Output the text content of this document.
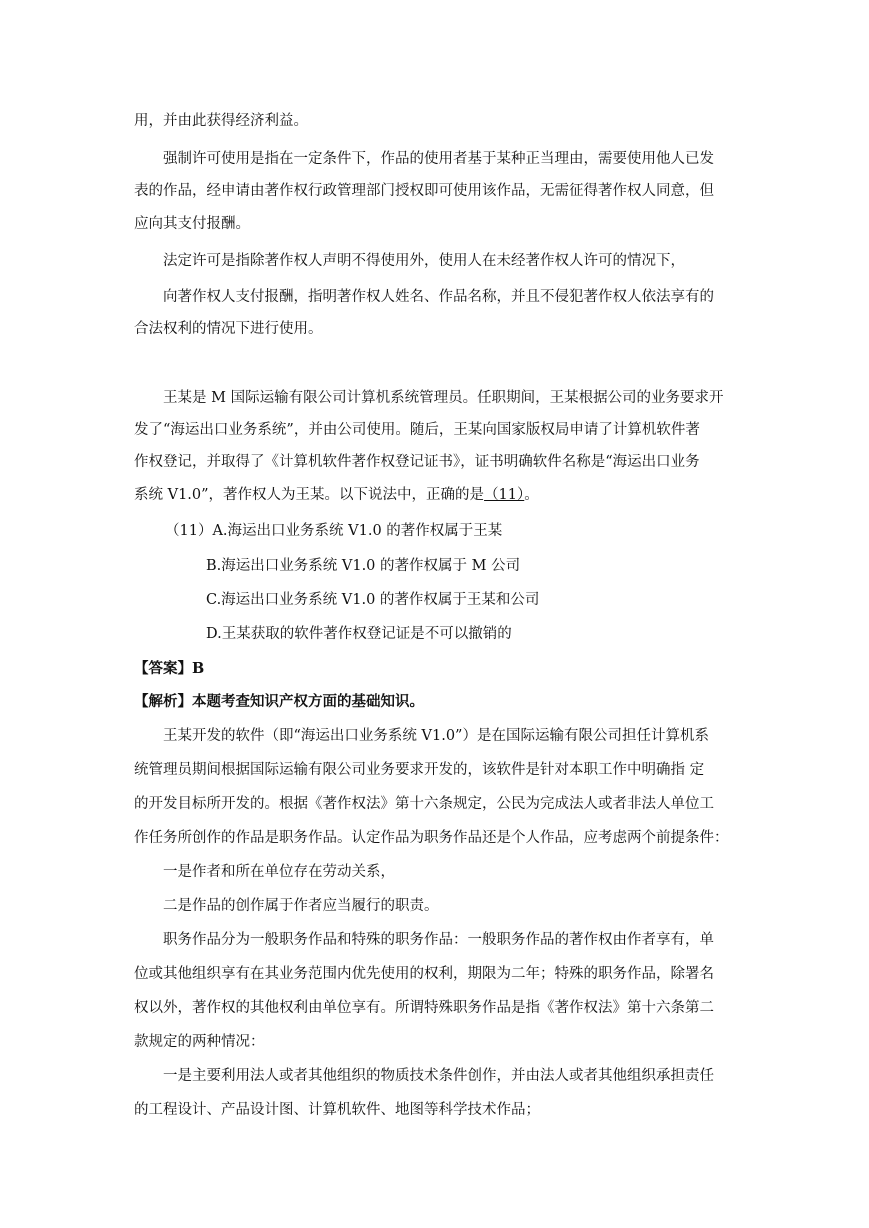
用，并由此获得经济利益。
强制许可使用是指在一定条件下，作品的使用者基于某种正当理由，需要使用他人已发
表的作品，经申请由著作权行政管理部门授权即可使用该作品，无需征得著作权人同意，但
应向其支付报酬。
法定许可是指除著作权人声明不得使用外，使用人在未经著作权人许可的情况下，
向著作权人支付报酬，指明著作权人姓名、作品名称，并且不侵犯著作权人依法享有的
合法权利的情况下进行使用。
王某是 M 国际运输有限公司计算机系统管理员。任职期间，王某根据公司的业务要求开
发了“海运出口业务系统”，并由公司使用。随后，王某向国家版权局申请了计算机软件著
作权登记，并取得了《计算机软件著作权登记证书》，证书明确软件名称是“海运出口业务
系统 V1.0”，著作权人为王某。以下说法中，正确的是（11）。
（11）A.海运出口业务系统 V1.0 的著作权属于王某
B.海运出口业务系统 V1.0 的著作权属于 M 公司
C.海运出口业务系统 V1.0 的著作权属于王某和公司
D.王某获取的软件著作权登记证是不可以撤销的
【答案】B
【解析】本题考查知识产权方面的基础知识。
王某开发的软件（即“海运出口业务系统 V1.0”）是在国际运输有限公司担任计算机系
统管理员期间根据国际运输有限公司业务要求开发的，该软件是针对本职工作中明确指 定
的开发目标所开发的。根据《著作权法》第十六条规定，公民为完成法人或者非法人单位工
作任务所创作的作品是职务作品。认定作品为职务作品还是个人作品，应考虑两个前提条件：
一是作者和所在单位存在劳动关系，
二是作品的创作属于作者应当履行的职责。
职务作品分为一般职务作品和特殊的职务作品：一般职务作品的著作权由作者享有，单
位或其他组织享有在其业务范围内优先使用的权利，期限为二年；特殊的职务作品，除署名
权以外，著作权的其他权利由单位享有。所谓特殊职务作品是指《著作权法》第十六条第二
款规定的两种情况：
一是主要利用法人或者其他组织的物质技术条件创作，并由法人或者其他组织承担责任
的工程设计、产品设计图、计算机软件、地图等科学技术作品；
